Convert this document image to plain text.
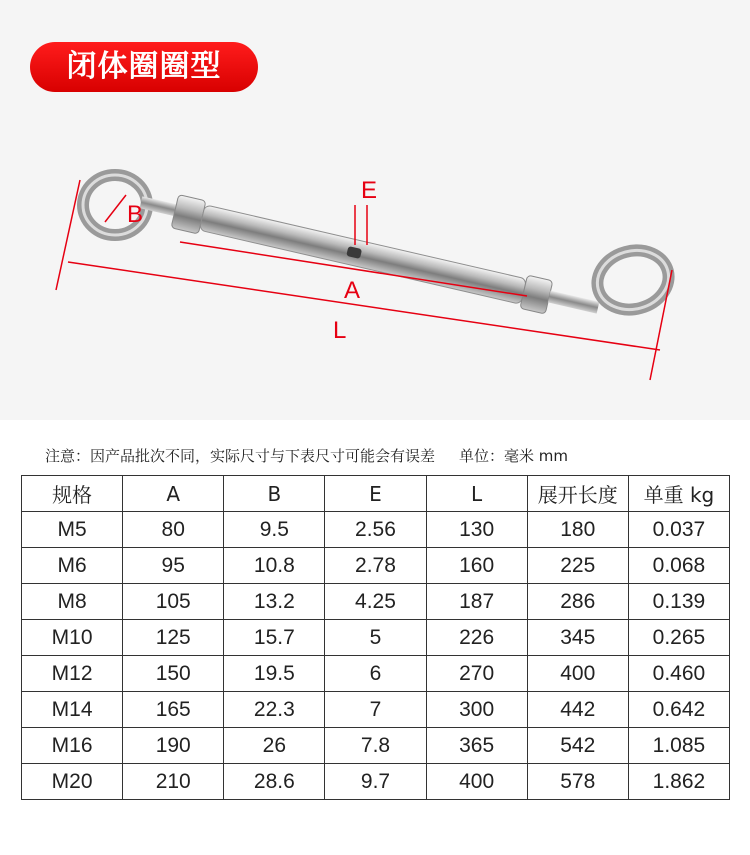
闭体圈圈型
E
B
A
L
注意：因产品批次不同，实际尺寸与下表尺寸可能会有误差 单位：毫米 mm
规格	A	B	E	L	展开长度	单重 kg
M5	80	9.5	2.56	130	180	0.037
M6	95	10.8	2.78	160	225	0.068
M8	105	13.2	4.25	187	286	0.139
M10	125	15.7	5	226	345	0.265
M12	150	19.5	6	270	400	0.460
M14	165	22.3	7	300	442	0.642
M16	190	26	7.8	365	542	1.085
M20	210	28.6	9.7	400	578	1.862
